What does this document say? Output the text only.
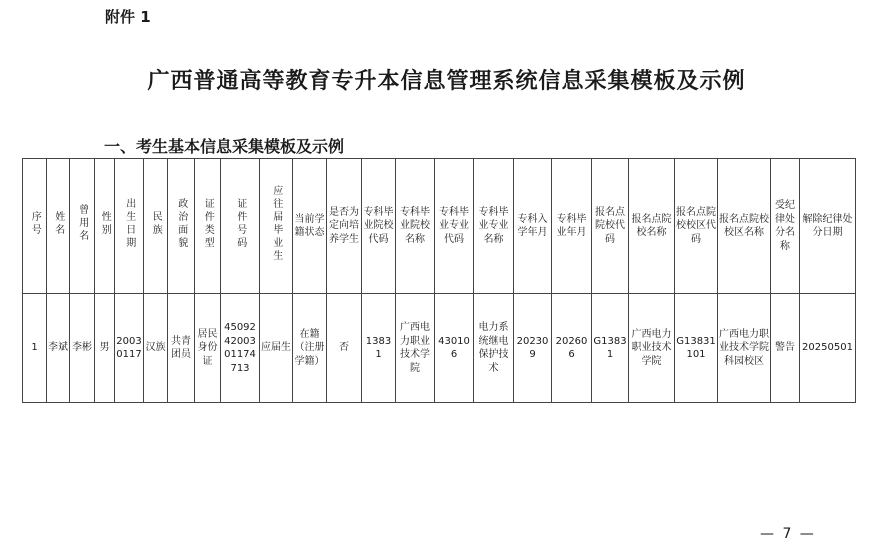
附件 1
广西普通高等教育专升本信息管理系统信息采集模板及示例
一、考生基本信息采集模板及示例
序号	姓名	曾用名	性别	出生日期	民族	政治面貌	证件类型	证件号码	应往届毕业生	当前学籍状态	是否为定向培养学生	专科毕业院校代码	专科毕业院校名称	专科毕业专业代码	专科毕业专业名称	专科入学年月	专科毕业年月	报名点院校代码	报名点院校名称	报名点院校校区代码	报名点院校校区名称	受纪律处分名称	解除纪律处分日期
1	李斌	李彬	男	20030117	汉族	共青团员	居民身份证	450924200301174713	应届生	在籍（注册学籍）	否	13831	广西电力职业技术学院	430106	电力系统继电保护技术	202309	202606	G13831	广西电力职业技术学院	G13831101	广西电力职业技术学院科园校区	警告	20250501
— 7 —
